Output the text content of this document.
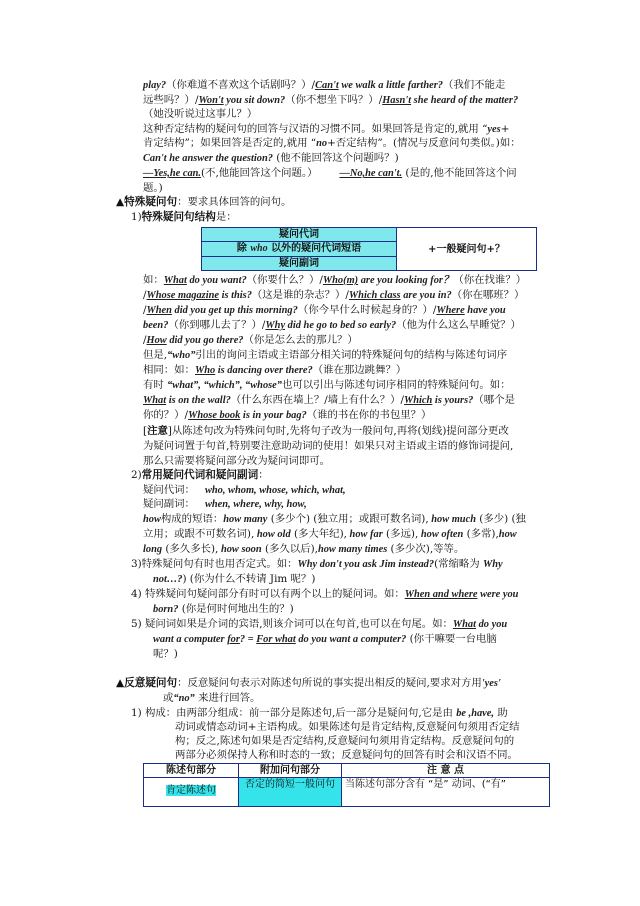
play?（你难道不喜欢这个话剧吗？）/Can't we walk a little farther?（我们不能走
远些吗？）/Won't you sit down?（你不想坐下吗？）/Hasn't she heard of the matter?
（她没听说过这事儿？）
这种否定结构的疑问句的回答与汉语的习惯不同。如果回答是肯定的,就用 “yes+
肯定结构”；如果回答是否定的,就用 “no+否定结构”。(情况与反意问句类似。)如：
Can't he answer the question? (他不能回答这个问题吗？)
—Yes,he can.(不,他能回答这个问题。） —No,he can't. (是的,他不能回答这个问
题。)
▲特殊疑问句：要求具体回答的问句。
1)特殊疑问句结构是：
疑问代词	+一般疑问句+？
除 who 以外的疑问代词短语
疑问副词
如：What do you want?（你要什么？）/Who(m) are you looking for？（你在找谁？）
/Whose magazine is this?（这是谁的杂志？）/Which class are you in?（你在哪班？）
/When did you get up this morning?（你今早什么时候起身的？）/Where have you
been?（你到哪儿去了？）/Why did he go to bed so early?（他为什么这么早睡觉？）
/How did you go there?（你是怎么去的那儿？）
但是,“who”引出的询问主语或主语部分相关词的特殊疑问句的结构与陈述句词序
相同：如：Who is dancing over there?（谁在那边跳舞？）
有时 “what”, “which”, “whose”也可以引出与陈述句词序相同的特殊疑问句。如：
What is on the wall?（什么东西在墙上？/墙上有什么？）/Which is yours?（哪个是
你的？）/Whose book is in your bag?（谁的书在你的书包里？）
[注意]从陈述句改为特殊问句时,先将句子改为一般问句,再将(划线)提问部分更改
为疑问词置于句首,特别要注意助动词的使用！如果只对主语或主语的修饰词提问,
那么只需要将疑问部分改为疑问词即可。
2)常用疑问代词和疑问副词：
疑问代词： who, whom, whose, which, what,
疑问副词： when, where, why, how,
how构成的短语：how many (多少个) (独立用；或跟可数名词), how much (多少) (独
立用；或跟不可数名词), how old (多大年纪), how far (多远), how often (多常),how
long (多久多长), how soon (多久以后),how many times (多少次),等等。
3)特殊疑问句有时也用否定式。如：Why don't you ask Jim instead?(常缩略为 Why
not…?) (你为什么不转请 Jim 呢？)
4) 特殊疑问句疑问部分有时可以有两个以上的疑问词。如：When and where were you
born? (你是何时何地出生的？)
5) 疑问词如果是介词的宾语,则该介词可以在句首,也可以在句尾。如：What do you
want a computer for? = For what do you want a computer? (你干嘛要一台电脑
呢？)
▲反意疑问句：反意疑问句表示对陈述句所说的事实提出相反的疑问,要求对方用'yes'
或“no” 来进行回答。
1) 构成：由两部分组成：前一部分是陈述句,后一部分是疑问句,它是由 be ,have, 助
动词或情态动词+主语构成。如果陈述句是肯定结构,反意疑问句须用否定结
构；反之,陈述句如果是否定结构,反意疑问句须用肯定结构。反意疑问句的
两部分必须保持人称和时态的一致；反意疑问句的回答有时会和汉语不同。
陈述句部分	附加问句部分	注 意 点
肯定陈述句	否定的简短一般问句	当陈述句部分含有 “是” 动词、(“有”
